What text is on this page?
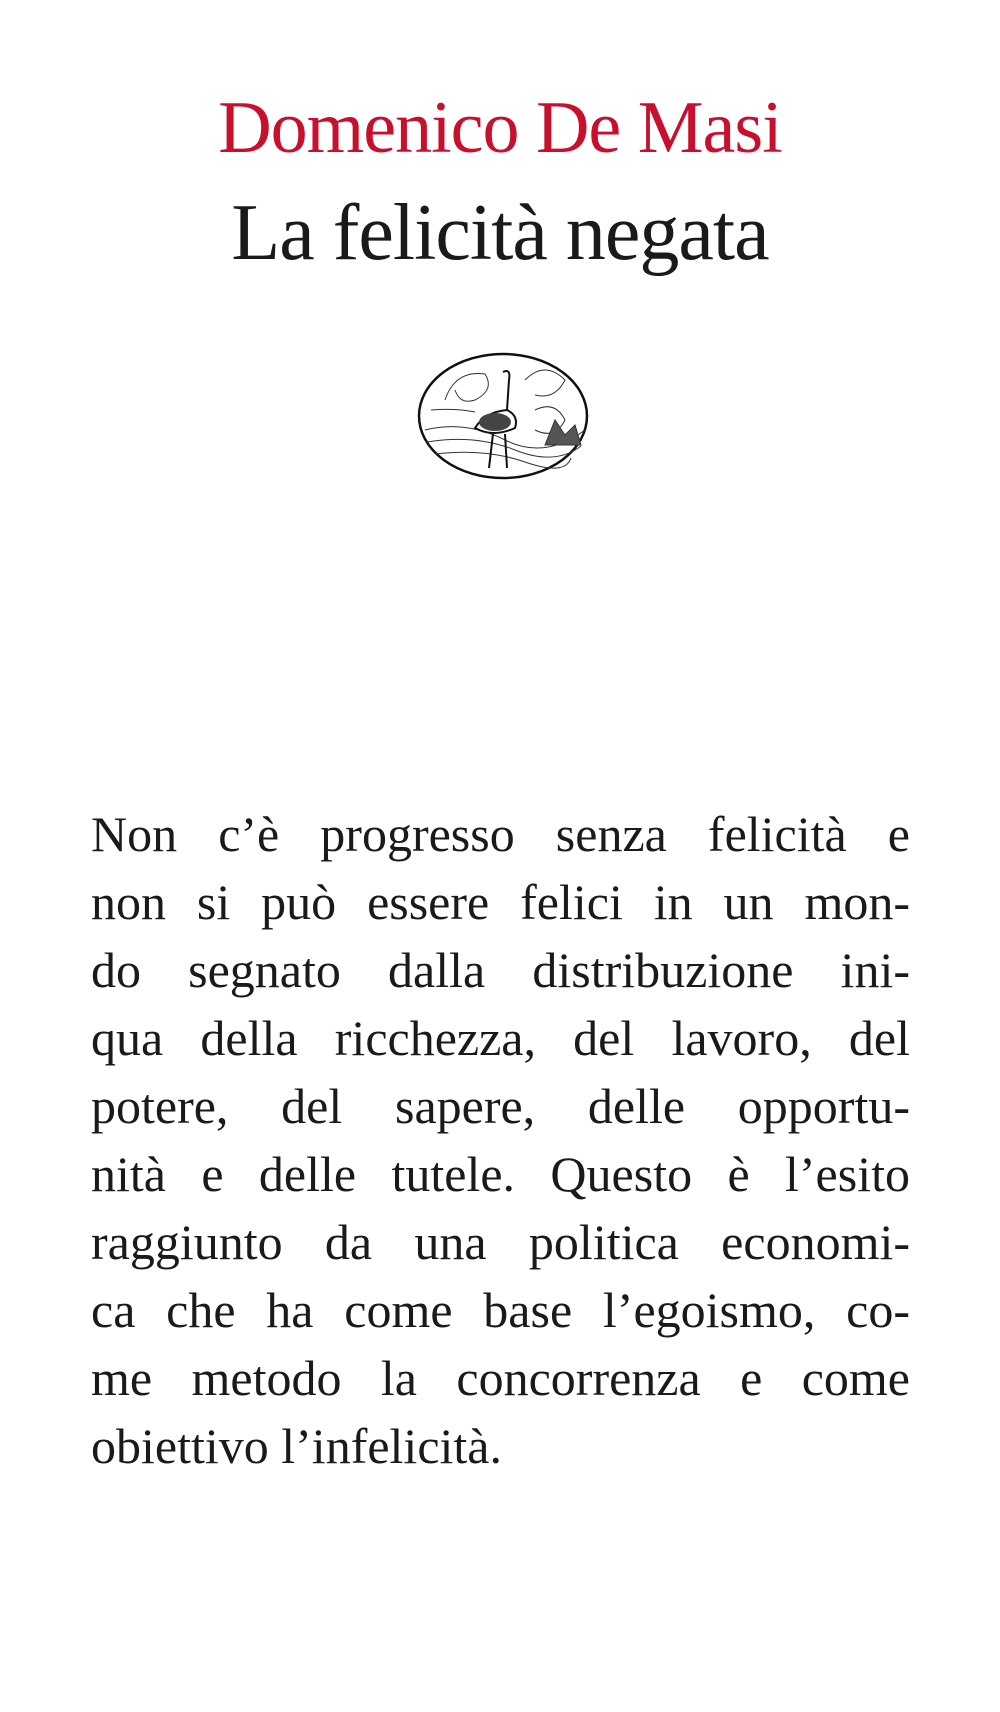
Domenico De Masi
La felicità negata
Non c’è progresso senza felicità e
non si può essere felici in un mon-
do segnato dalla distribuzione ini-
qua della ricchezza, del lavoro, del
potere, del sapere, delle opportu-
nità e delle tutele. Questo è l’esito
raggiunto da una politica economi-
ca che ha come base l’egoismo, co-
me metodo la concorrenza e come
obiettivo l’infelicità.
